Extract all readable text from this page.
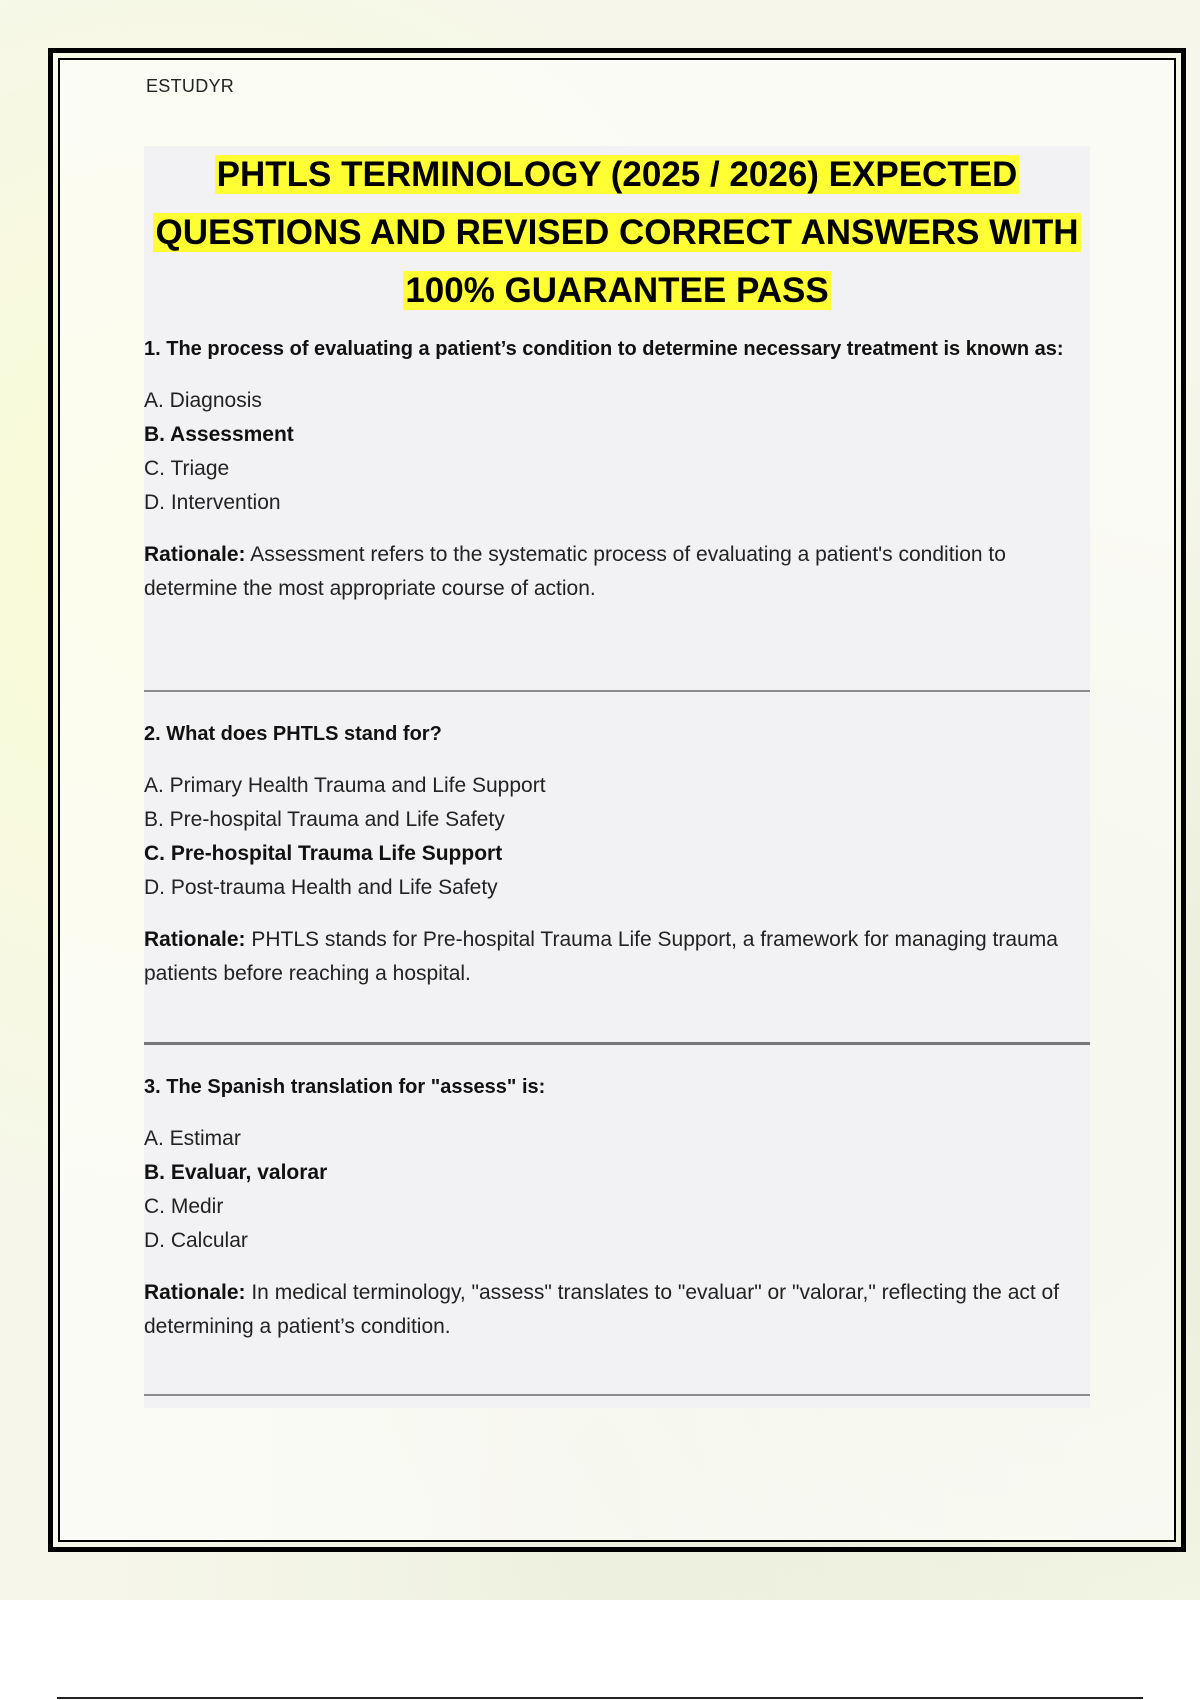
ESTUDYR
PHTLS TERMINOLOGY (2025 / 2026) EXPECTED
QUESTIONS AND REVISED CORRECT ANSWERS WITH
100% GUARANTEE PASS

1. The process of evaluating a patient’s condition to determine necessary treatment is known as:

A. Diagnosis
B. Assessment
C. Triage
D. Intervention

Rationale: Assessment refers to the systematic process of evaluating a patient's condition to determine the most appropriate course of action.

2. What does PHTLS stand for?

A. Primary Health Trauma and Life Support
B. Pre-hospital Trauma and Life Safety
C. Pre-hospital Trauma Life Support
D. Post-trauma Health and Life Safety

Rationale: PHTLS stands for Pre-hospital Trauma Life Support, a framework for managing trauma patients before reaching a hospital.

3. The Spanish translation for "assess" is:

A. Estimar
B. Evaluar, valorar
C. Medir
D. Calcular

Rationale: In medical terminology, "assess" translates to "evaluar" or "valorar," reflecting the act of determining a patient’s condition.
